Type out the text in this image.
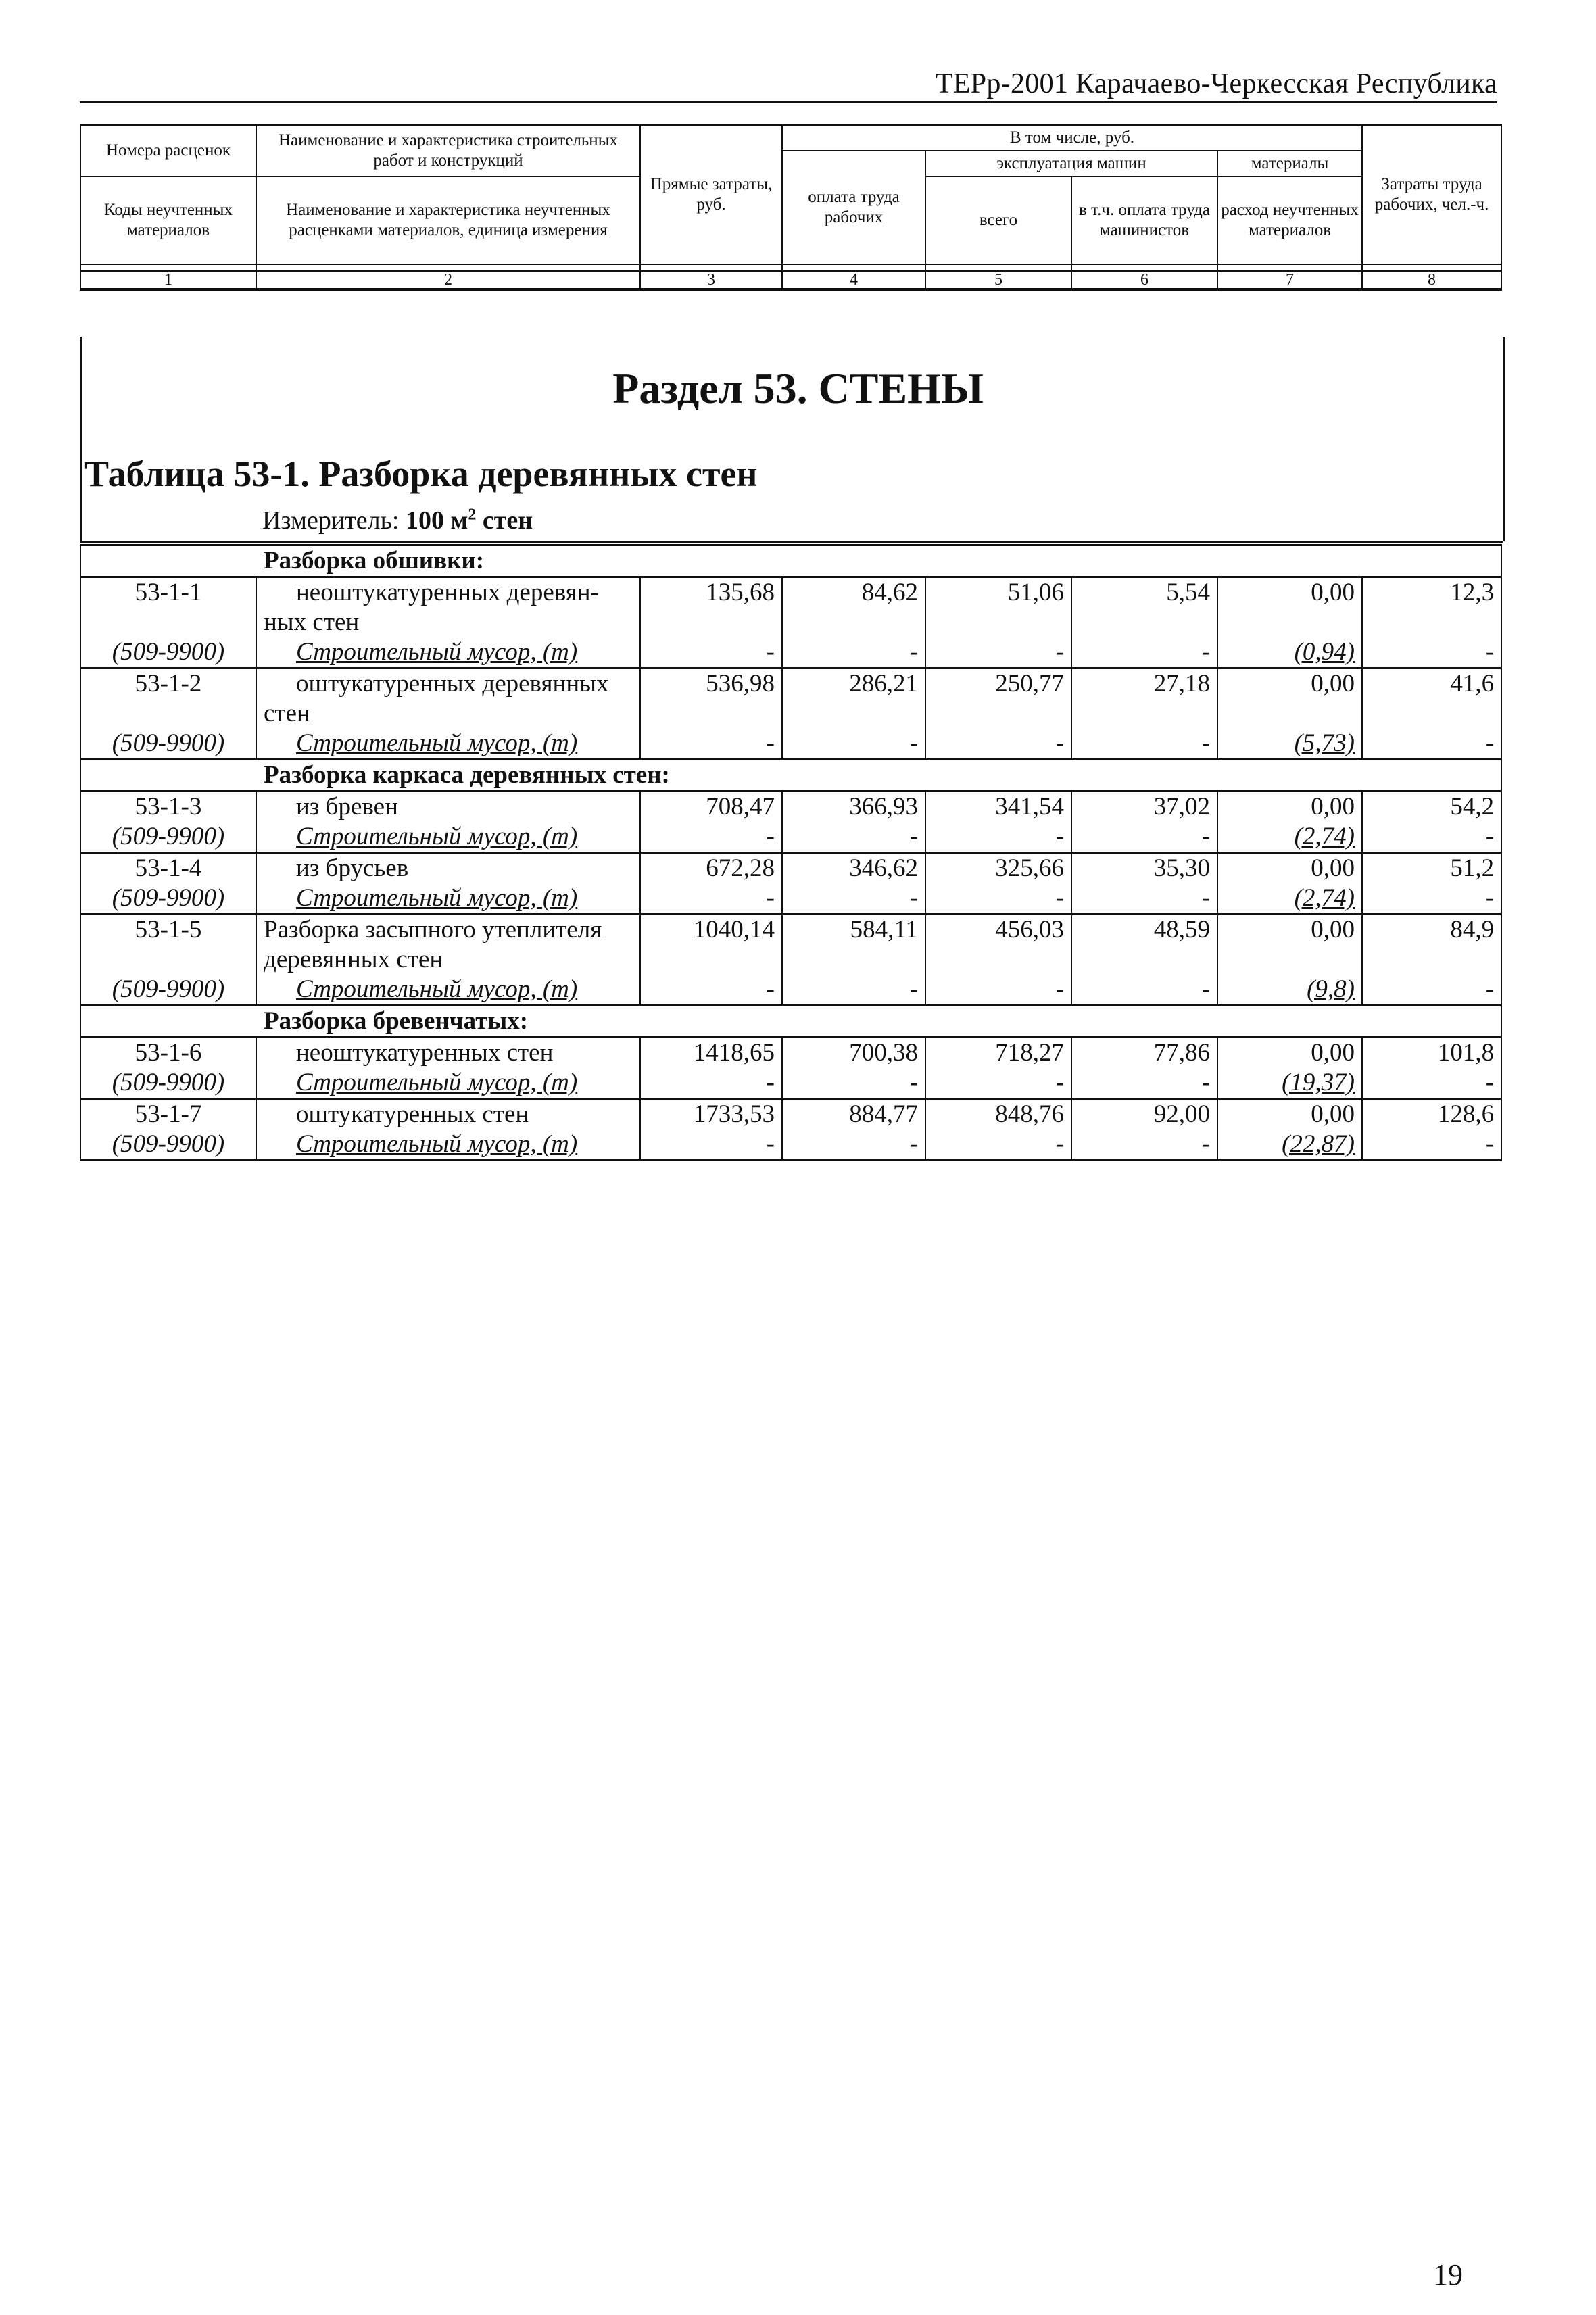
ТЕРр-2001 Карачаево-Черкесская Республика
Номера расценок	Наименование и характеристика строительных работ и конструкций	Прямые затраты, руб.	В том числе, руб.				Затраты труда рабочих, чел.-ч.
			оплата труда рабочих	эксплуатация машин		материалы	
Коды неучтенных материалов	Наименование и характеристика неучтенных расценками материалов, единица измерения			всего	в т.ч. оплата труда машинистов	расход неучтенных материалов	

1	2	3	4	5	6	7	8
Раздел 53. СТЕНЫ
Таблица 53-1. Разборка деревянных стен
Измеритель: 100 $м^2$ стен
Разборка обшивки:							
53-1-1	неоштукатуренных деревян-	135,68	84,62	51,06	5,54	0,00	12,3
	ных стен						
(509-9900)	Строительный мусор, (т)	-	-	-	-	(0,94)	-
53-1-2	оштукатуренных деревянных	536,98	286,21	250,77	27,18	0,00	41,6
	стен						
(509-9900)	Строительный мусор, (т)	-	-	-	-	(5,73)	-
Разборка каркаса деревянных стен:							
53-1-3	из бревен	708,47	366,93	341,54	37,02	0,00	54,2
(509-9900)	Строительный мусор, (т)	-	-	-	-	(2,74)	-
53-1-4	из брусьев	672,28	346,62	325,66	35,30	0,00	51,2
(509-9900)	Строительный мусор, (т)	-	-	-	-	(2,74)	-
53-1-5	Разборка засыпного утеплителя	1040,14	584,11	456,03	48,59	0,00	84,9
	деревянных стен						
(509-9900)	Строительный мусор, (т)	-	-	-	-	(9,8)	-
Разборка бревенчатых:							
53-1-6	неоштукатуренных стен	1418,65	700,38	718,27	77,86	0,00	101,8
(509-9900)	Строительный мусор, (т)	-	-	-	-	(19,37)	-
53-1-7	оштукатуренных стен	1733,53	884,77	848,76	92,00	0,00	128,6
(509-9900)	Строительный мусор, (т)	-	-	-	-	(22,87)	-
19
